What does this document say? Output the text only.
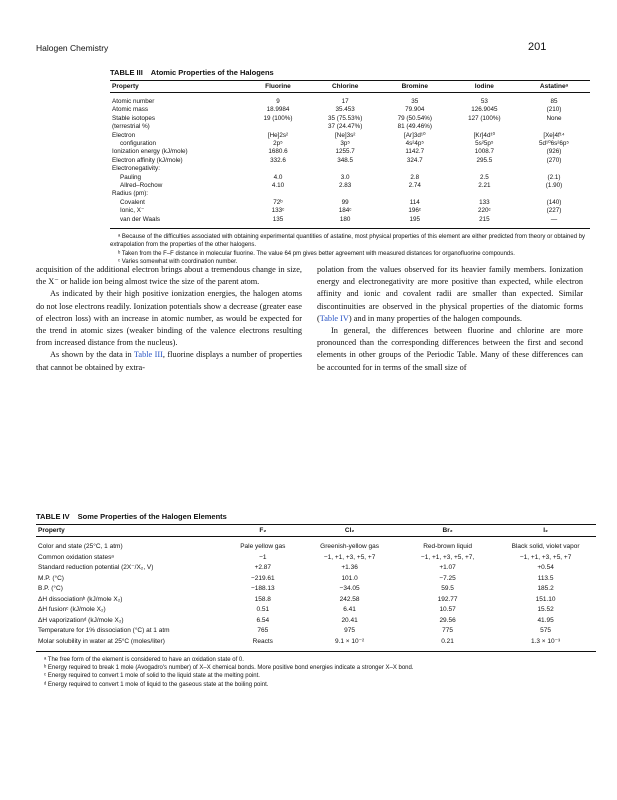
Halogen Chemistry	201
TABLE III Atomic Properties of the Halogens
Property	Fluorine	Chlorine	Bromine	Iodine	Astatineᵃ
Atomic number	9	17	35	53	85
Atomic mass	18.9984	35.453	79.904	126.9045	(210)
Stable isotopes	19 (100%)	35 (75.53%)	79 (50.54%)	127 (100%)	None
(terrestrial %)		37 (24.47%)	81 (49.46%)		
Electron	[He]2s²	[Ne]3s²	[Ar]3d¹⁰	[Kr]4d¹⁰	[Xe]4f¹⁴
configuration	2p⁵	3p⁵	4s²4p⁵	5s²5p⁵	5d¹⁰6s²6p⁵
Ionization energy (kJ/mole)	1680.6	1255.7	1142.7	1008.7	(926)
Electron affinity (kJ/mole)	332.6	348.5	324.7	295.5	(270)
Electronegativity:					
Pauling	4.0	3.0	2.8	2.5	(2.1)
Allred–Rochow	4.10	2.83	2.74	2.21	(1.90)
Radius (pm):					
Covalent	72ᵇ	99	114	133	(140)
Ionic, X⁻	133ᶜ	184ᶜ	196ᶜ	220ᶜ	(227)
van der Waals	135	180	195	215	—

ᵃ Because of the difficulties associated with obtaining experimental quantities of astatine, most physical properties of this element are either predicted from theory or obtained by extrapolation from the properties of the other halogens.

ᵇ Taken from the F–F distance in molecular fluorine. The value 64 pm gives better agreement with measured distances for organofluorine compounds.

ᶜ Varies somewhat with coordination number.

acquisition of the additional electron brings about a tremendous change in size, the X⁻ or halide ion being almost twice the size of the parent atom.

As indicated by their high positive ionization energies, the halogen atoms do not lose electrons readily. Ionization potentials show a decrease (greater ease of electron loss) with an increase in atomic number, as would be expected for the trend in atomic sizes (weaker binding of the valence electrons resulting from increased distance from the nucleus).

As shown by the data in Table III, fluorine displays a number of properties that cannot be obtained by extra-

polation from the values observed for its heavier family members. Ionization energy and electronegativity are more positive than expected, while electron affinity and ionic and covalent radii are smaller than expected. Similar discontinuities are observed in the physical properties of the diatomic forms (Table IV) and in many properties of the halogen compounds.

In general, the differences between fluorine and chlorine are more pronounced than the corresponding differences between the first and second elements in other groups of the Periodic Table. Many of these differences can be accounted for in terms of the small size of

TABLE IV Some Properties of the Halogen Elements
Property	F₂	Cl₂	Br₂	I₂
Color and state (25°C, 1 atm)	Pale yellow gas	Greenish-yellow gas	Red-brown liquid	Black solid, violet vapor
Common oxidation statesᵃ	−1	−1, +1, +3, +5, +7	−1, +1, +3, +5, +7,	−1, +1, +3, +5, +7
Standard reduction potential (2X⁻/X₂, V)	+2.87	+1.36	+1.07	+0.54
M.P. (°C)	−219.61	101.0	−7.25	113.5
B.P. (°C)	−188.13	−34.05	59.5	185.2
ΔH dissociationᵇ (kJ/mole X₂)	158.8	242.58	192.77	151.10
ΔH fusionᶜ (kJ/mole X₂)	0.51	6.41	10.57	15.52
ΔH vaporizationᵈ (kJ/mole X₂)	6.54	20.41	29.56	41.95
Temperature for 1% dissociation (°C) at 1 atm	765	975	775	575
Molar solubility in water at 25°C (moles/liter)	Reacts	9.1 × 10⁻²	0.21	1.3 × 10⁻³

ᵃ The free form of the element is considered to have an oxidation state of 0.

ᵇ Energy required to break 1 mole (Avogadro's number) of X–X chemical bonds. More positive bond energies indicate a stronger X–X bond.

ᶜ Energy required to convert 1 mole of solid to the liquid state at the melting point.

ᵈ Energy required to convert 1 mole of liquid to the gaseous state at the boiling point.
